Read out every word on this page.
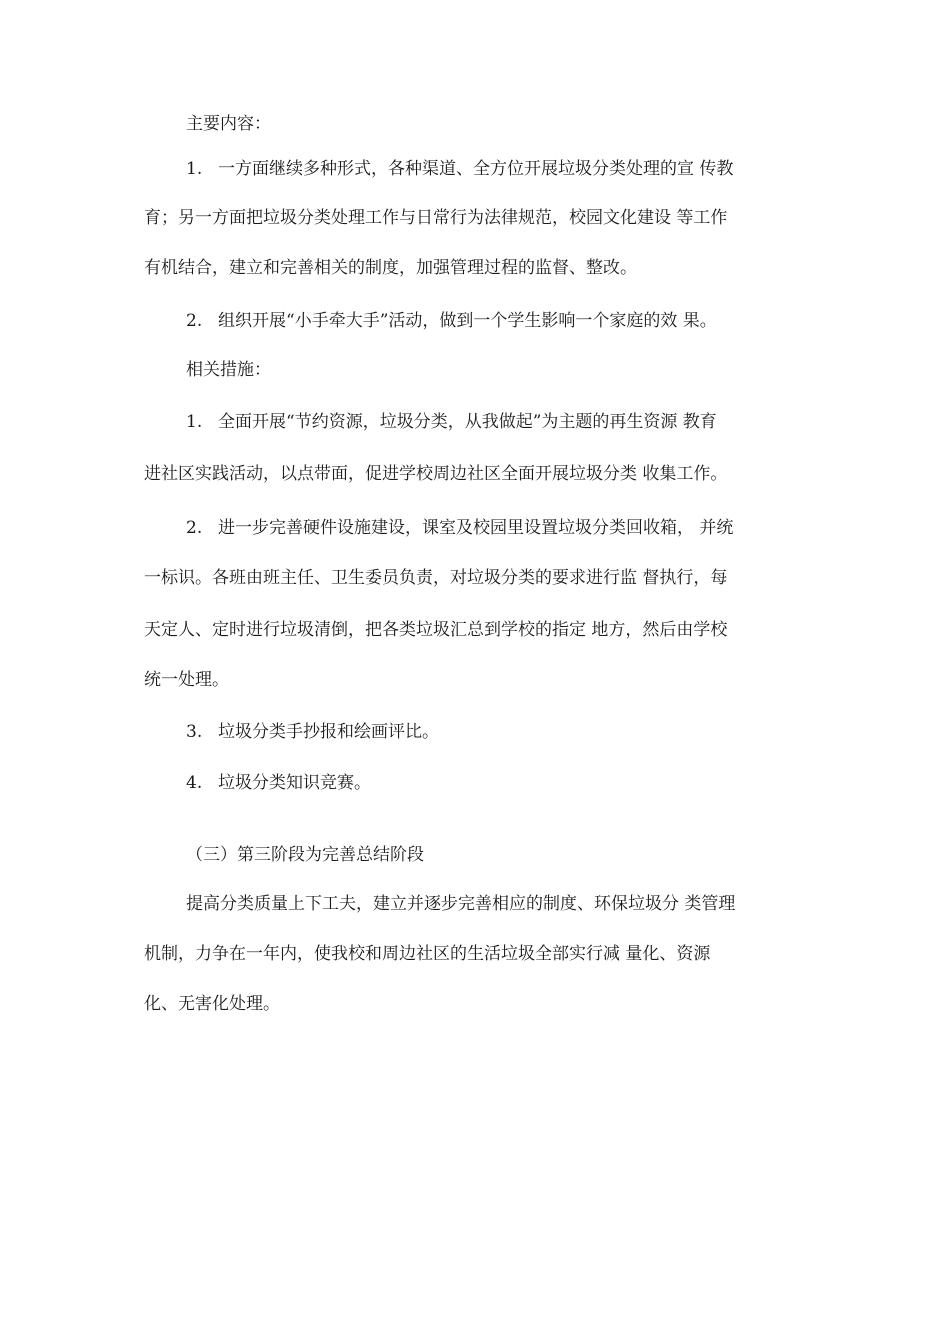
主要内容：
1. 一方面继续多种形式，各种渠道、全方位开展垃圾分类处理的宣 传教
育；另一方面把垃圾分类处理工作与日常行为法律规范，校园文化建设 等工作
有机结合，建立和完善相关的制度，加强管理过程的监督、整改。
2. 组织开展“小手牵大手”活动，做到一个学生影响一个家庭的效 果。
相关措施：
1. 全面开展“节约资源，垃圾分类，从我做起”为主题的再生资源 教育
进社区实践活动，以点带面，促进学校周边社区全面开展垃圾分类 收集工作。
2. 进一步完善硬件设施建设，课室及校园里设置垃圾分类回收箱， 并统
一标识。各班由班主任、卫生委员负责，对垃圾分类的要求进行监 督执行，每
天定人、定时进行垃圾清倒，把各类垃圾汇总到学校的指定 地方，然后由学校
统一处理。
3. 垃圾分类手抄报和绘画评比。
4. 垃圾分类知识竞赛。
（三）第三阶段为完善总结阶段
提高分类质量上下工夫，建立并逐步完善相应的制度、环保垃圾分 类管理
机制，力争在一年内，使我校和周边社区的生活垃圾全部实行减 量化、资源
化、无害化处理。
